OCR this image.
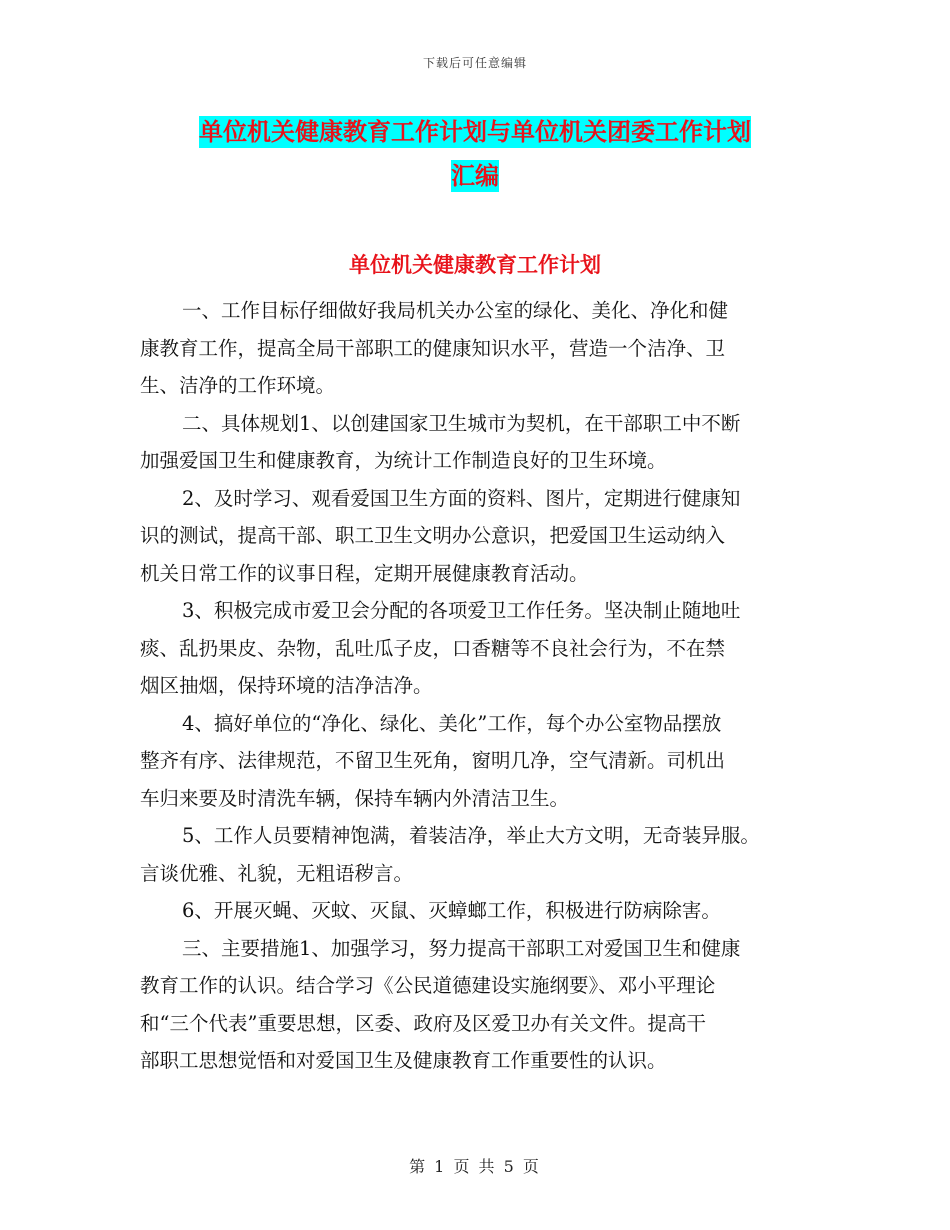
下载后可任意编辑
单位机关健康教育工作计划与单位机关团委工作计划
汇编
单位机关健康教育工作计划

一、工作目标仔细做好我局机关办公室的绿化、美化、净化和健

康教育工作，提高全局干部职工的健康知识水平，营造一个洁净、卫

生、洁净的工作环境。

二、具体规划1、以创建国家卫生城市为契机，在干部职工中不断

加强爱国卫生和健康教育，为统计工作制造良好的卫生环境。

2、及时学习、观看爱国卫生方面的资料、图片，定期进行健康知

识的测试，提高干部、职工卫生文明办公意识，把爱国卫生运动纳入

机关日常工作的议事日程，定期开展健康教育活动。

3、积极完成市爱卫会分配的各项爱卫工作任务。坚决制止随地吐

痰、乱扔果皮、杂物，乱吐瓜子皮，口香糖等不良社会行为，不在禁

烟区抽烟，保持环境的洁净洁净。

4、搞好单位的“净化、绿化、美化”工作，每个办公室物品摆放

整齐有序、法律规范，不留卫生死角，窗明几净，空气清新。司机出

车归来要及时清洗车辆，保持车辆内外清洁卫生。

5、工作人员要精神饱满，着装洁净，举止大方文明，无奇装异服。

言谈优雅、礼貌，无粗语秽言。

6、开展灭蝇、灭蚊、灭鼠、灭蟑螂工作，积极进行防病除害。

三、主要措施1、加强学习，努力提高干部职工对爱国卫生和健康

教育工作的认识。结合学习《公民道德建设实施纲要》、邓小平理论

和“三个代表”重要思想，区委、政府及区爱卫办有关文件。提高干

部职工思想觉悟和对爱国卫生及健康教育工作重要性的认识。

第 1 页 共 5 页
